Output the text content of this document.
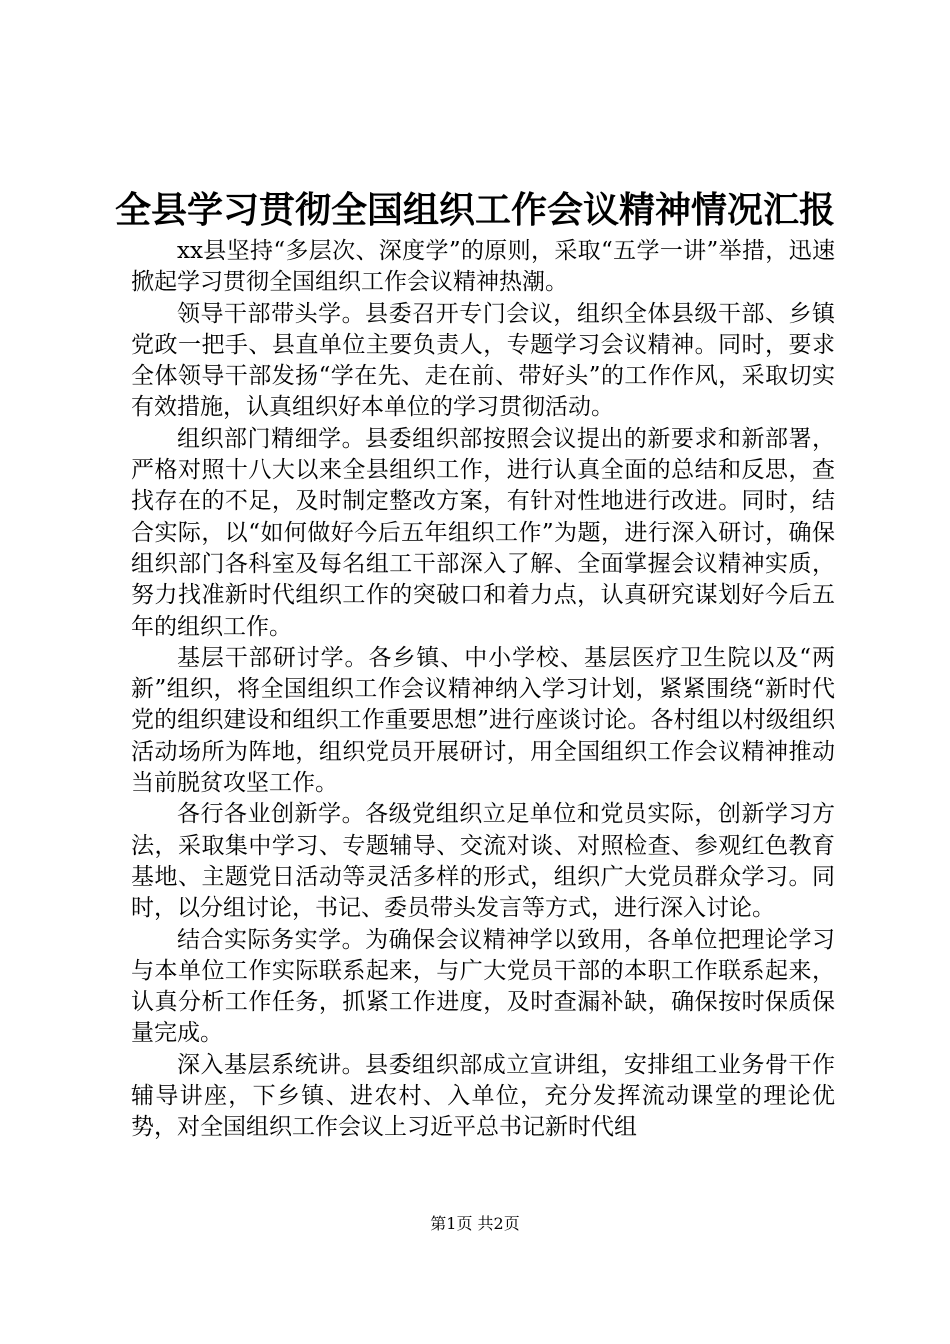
全县学习贯彻全国组织工作会议精神情况汇报

xx县坚持“多层次、深度学”的原则，采取“五学一讲”举措，迅速掀起学习贯彻全国组织工作会议精神热潮。

领导干部带头学。县委召开专门会议，组织全体县级干部、乡镇党政一把手、县直单位主要负责人，专题学习会议精神。同时，要求全体领导干部发扬“学在先、走在前、带好头”的工作作风，采取切实有效措施，认真组织好本单位的学习贯彻活动。

组织部门精细学。县委组织部按照会议提出的新要求和新部署，严格对照十八大以来全县组织工作，进行认真全面的总结和反思，查找存在的不足，及时制定整改方案，有针对性地进行改进。同时，结合实际，以“如何做好今后五年组织工作”为题，进行深入研讨，确保组织部门各科室及每名组工干部深入了解、全面掌握会议精神实质，努力找准新时代组织工作的突破口和着力点，认真研究谋划好今后五年的组织工作。

基层干部研讨学。各乡镇、中小学校、基层医疗卫生院以及“两新”组织，将全国组织工作会议精神纳入学习计划，紧紧围绕“新时代党的组织建设和组织工作重要思想”进行座谈讨论。各村组以村级组织活动场所为阵地，组织党员开展研讨，用全国组织工作会议精神推动当前脱贫攻坚工作。

各行各业创新学。各级党组织立足单位和党员实际，创新学习方法，采取集中学习、专题辅导、交流对谈、对照检查、参观红色教育基地、主题党日活动等灵活多样的形式，组织广大党员群众学习。同时，以分组讨论，书记、委员带头发言等方式，进行深入讨论。

结合实际务实学。为确保会议精神学以致用，各单位把理论学习与本单位工作实际联系起来，与广大党员干部的本职工作联系起来，认真分析工作任务，抓紧工作进度，及时查漏补缺，确保按时保质保量完成。

深入基层系统讲。县委组织部成立宣讲组，安排组工业务骨干作辅导讲座，下乡镇、进农村、入单位，充分发挥流动课堂的理论优势，对全国组织工作会议上习近平总书记新时代组

第1页 共2页
